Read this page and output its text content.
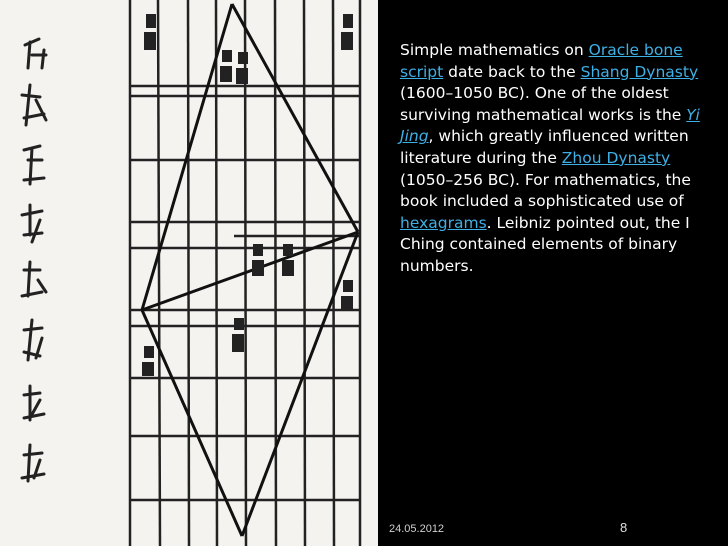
Simple mathematics on Oracle bone script date back to the Shang Dynasty (1600–1050 BC). One of the oldest surviving mathematical works is the Yi Jing, which greatly influenced written literature during the Zhou Dynasty (1050–256 BC). For mathematics, the book included a sophisticated use of hexagrams. Leibniz pointed out, the I Ching contained elements of binary numbers.
24.05.2012	8
